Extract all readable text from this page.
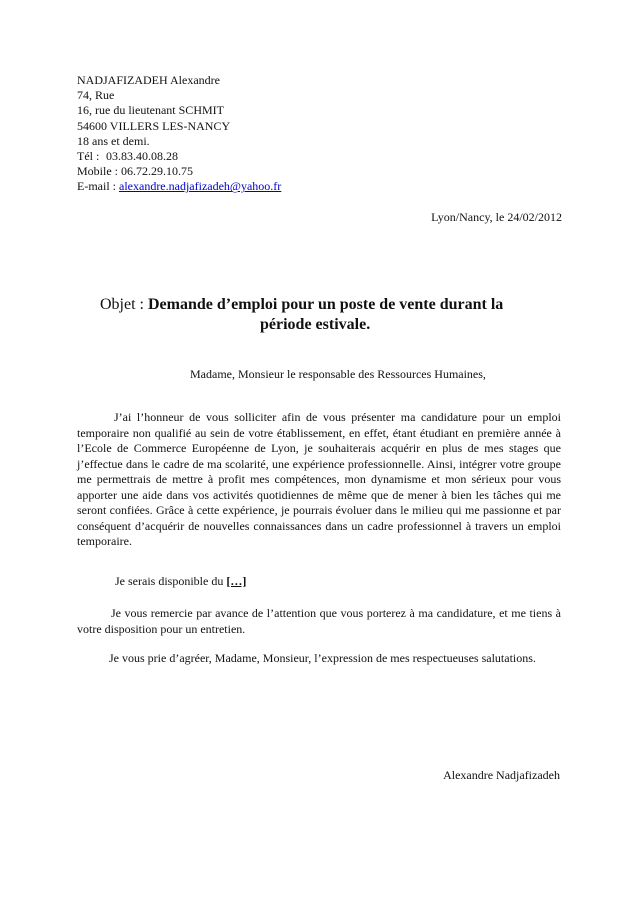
NADJAFIZADEH Alexandre
74, Rue
16, rue du lieutenant SCHMIT
54600 VILLERS LES-NANCY
18 ans et demi.
Tél : 03.83.40.08.28
Mobile : 06.72.29.10.75
E-mail : alexandre.nadjafizadeh@yahoo.fr
Lyon/Nancy, le 24/02/2012
Objet : Demande d’emploi pour un poste de vente durant la
période estivale.
Madame, Monsieur le responsable des Ressources Humaines,
J’ai l’honneur de vous solliciter afin de vous présenter ma candidature pour un emploi temporaire non qualifié au sein de votre établissement, en effet, étant étudiant en première année à l’Ecole de Commerce Européenne de Lyon, je souhaiterais acquérir en plus de mes stages que j’effectue dans le cadre de ma scolarité, une expérience professionnelle. Ainsi, intégrer votre groupe me permettrais de mettre à profit mes compétences, mon dynamisme et mon sérieux pour vous apporter une aide dans vos activités quotidiennes de même que de mener à bien les tâches qui me seront confiées. Grâce à cette expérience, je pourrais évoluer dans le milieu qui me passionne et par conséquent d’acquérir de nouvelles connaissances dans un cadre professionnel à travers un emploi temporaire.
Je serais disponible du […]
Je vous remercie par avance de l’attention que vous porterez à ma candidature, et me tiens à votre disposition pour un entretien.
Je vous prie d’agréer, Madame, Monsieur, l’expression de mes respectueuses salutations.
Alexandre Nadjafizadeh
